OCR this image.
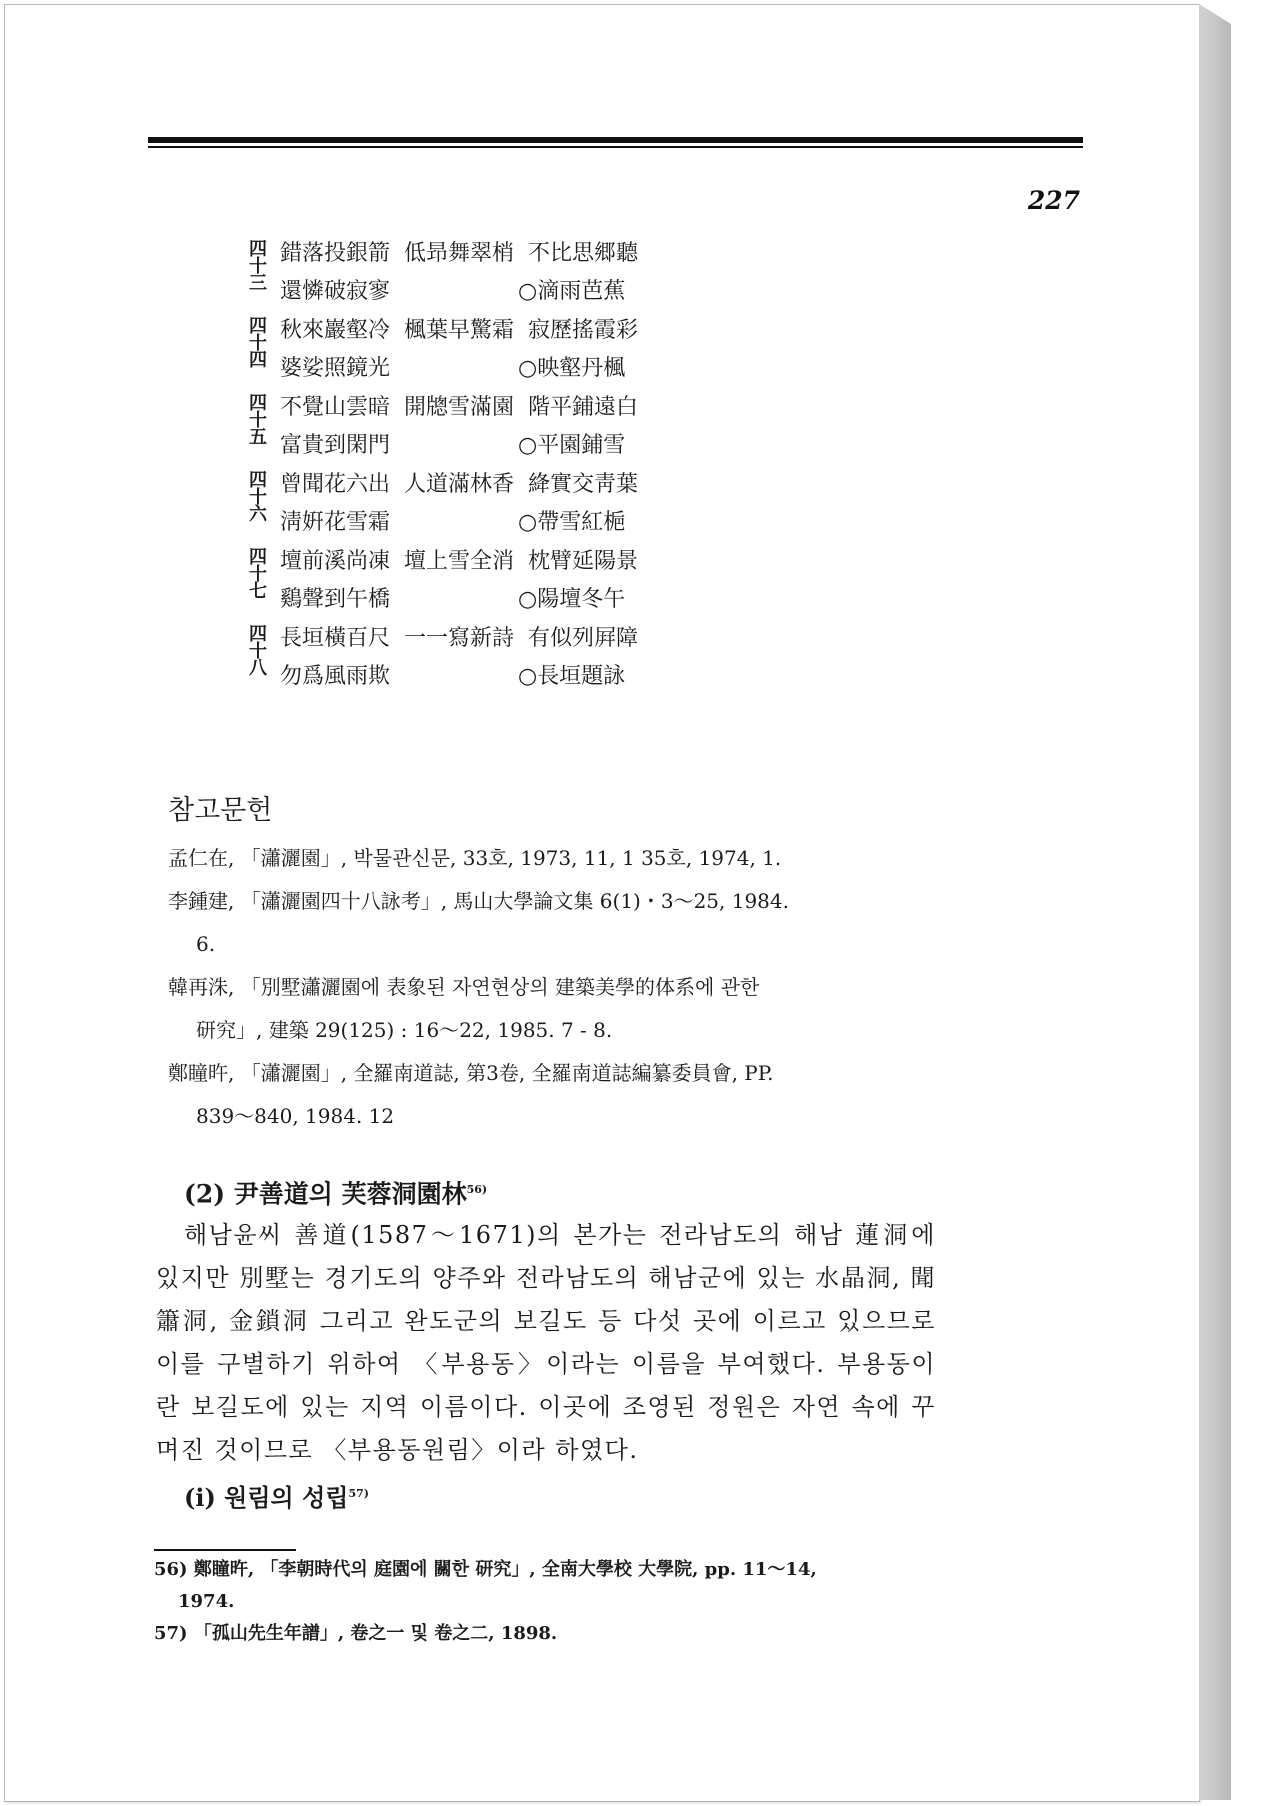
227
四十三
錯落投銀箭  低昻舞翠梢  不比思郷聽
還憐破寂寥	○滴雨芭蕉
四十四
秋來巖壑冷  楓葉早驚霜  寂歷搖霞彩
婆娑照鏡光	○映壑丹楓
四十五
不覺山雲暗  開牕雪滿園  階平鋪遠白
富貴到閑門	○平園鋪雪
四十六
曾聞花六出  人道滿林香  絳實交靑葉
淸姸花雪霜	○帶雪紅梔
四十七
壇前溪尚凍  壇上雪全消  枕臂延陽景
鷄聲到午橋	○陽壇冬午
四十八
長垣橫百尺  一一寫新詩  有似列屛障
勿爲風雨欺	○長垣題詠
참고문헌

孟仁在, 「瀟灑園」, 박물관신문, 33호, 1973, 11, 1 35호, 1974, 1.

李鍾建, 「瀟灑園四十八詠考」, 馬山大學論文集 6(1)・3～25, 1984.

6.

韓再洙, 「別墅瀟灑園에 表象된 자연현상의 建築美學的体系에 관한

研究」, 建築 29(125) : 16～22, 1985. 7 - 8.

鄭瞳旿, 「瀟灑園」, 全羅南道誌, 第3卷, 全羅南道誌編纂委員會, PP.

839～840, 1984. 12

(2) 尹善道의 芙蓉洞園林$^{56)}$

해남윤씨 善道(1587～1671)의 본가는 전라남도의 해남 蓮洞에 있지만 別墅는 경기도의 양주와 전라남도의 해남군에 있는 水晶洞, 聞簫洞, 金鎖洞 그리고 완도군의 보길도 등 다섯 곳에 이르고 있으므로 이를 구별하기 위하여 〈부용동〉이라는 이름을 부여했다. 부용동이란 보길도에 있는 지역 이름이다. 이곳에 조영된 정원은 자연 속에 꾸며진 것이므로 〈부용동원림〉이라 하였다.

(i) 원림의 성립$^{57)}$

56) 鄭瞳旿, 「李朝時代의 庭園에 關한 研究」, 全南大學校 大學院, pp. 11～14,

1974.

57) 「孤山先生年譜」, 卷之一 및 卷之二, 1898.
